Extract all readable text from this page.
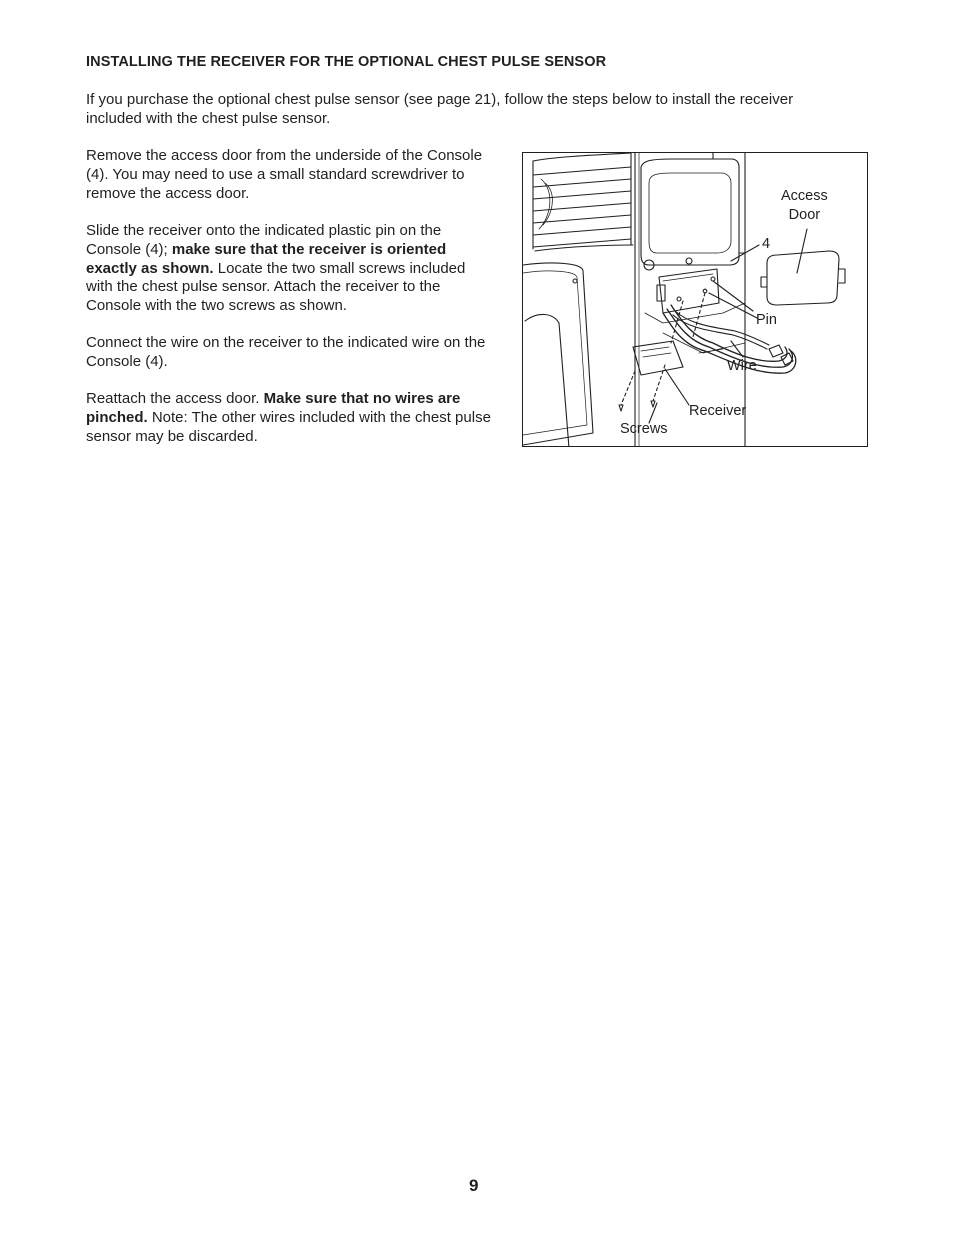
INSTALLING THE RECEIVER FOR THE OPTIONAL CHEST PULSE SENSOR

If you purchase the optional chest pulse sensor (see page 21), follow the steps below to install the receiver included with the chest pulse sensor.

Remove the access door from the underside of the Console (4). You may need to use a small standard screwdriver to remove the access door.

Slide the receiver onto the indicated plastic pin on the Console (4); make sure that the receiver is oriented exactly as shown. Locate the two small screws included with the chest pulse sensor. Attach the receiver to the Console with the two screws as shown.

Connect the wire on the receiver to the indicated wire on the Console (4).

Reattach the access door. Make sure that no wires are pinched. Note: The other wires included with the chest pulse sensor may be discarded.

Access
Door
4
Pin
Wire
Receiver
Screws
9
